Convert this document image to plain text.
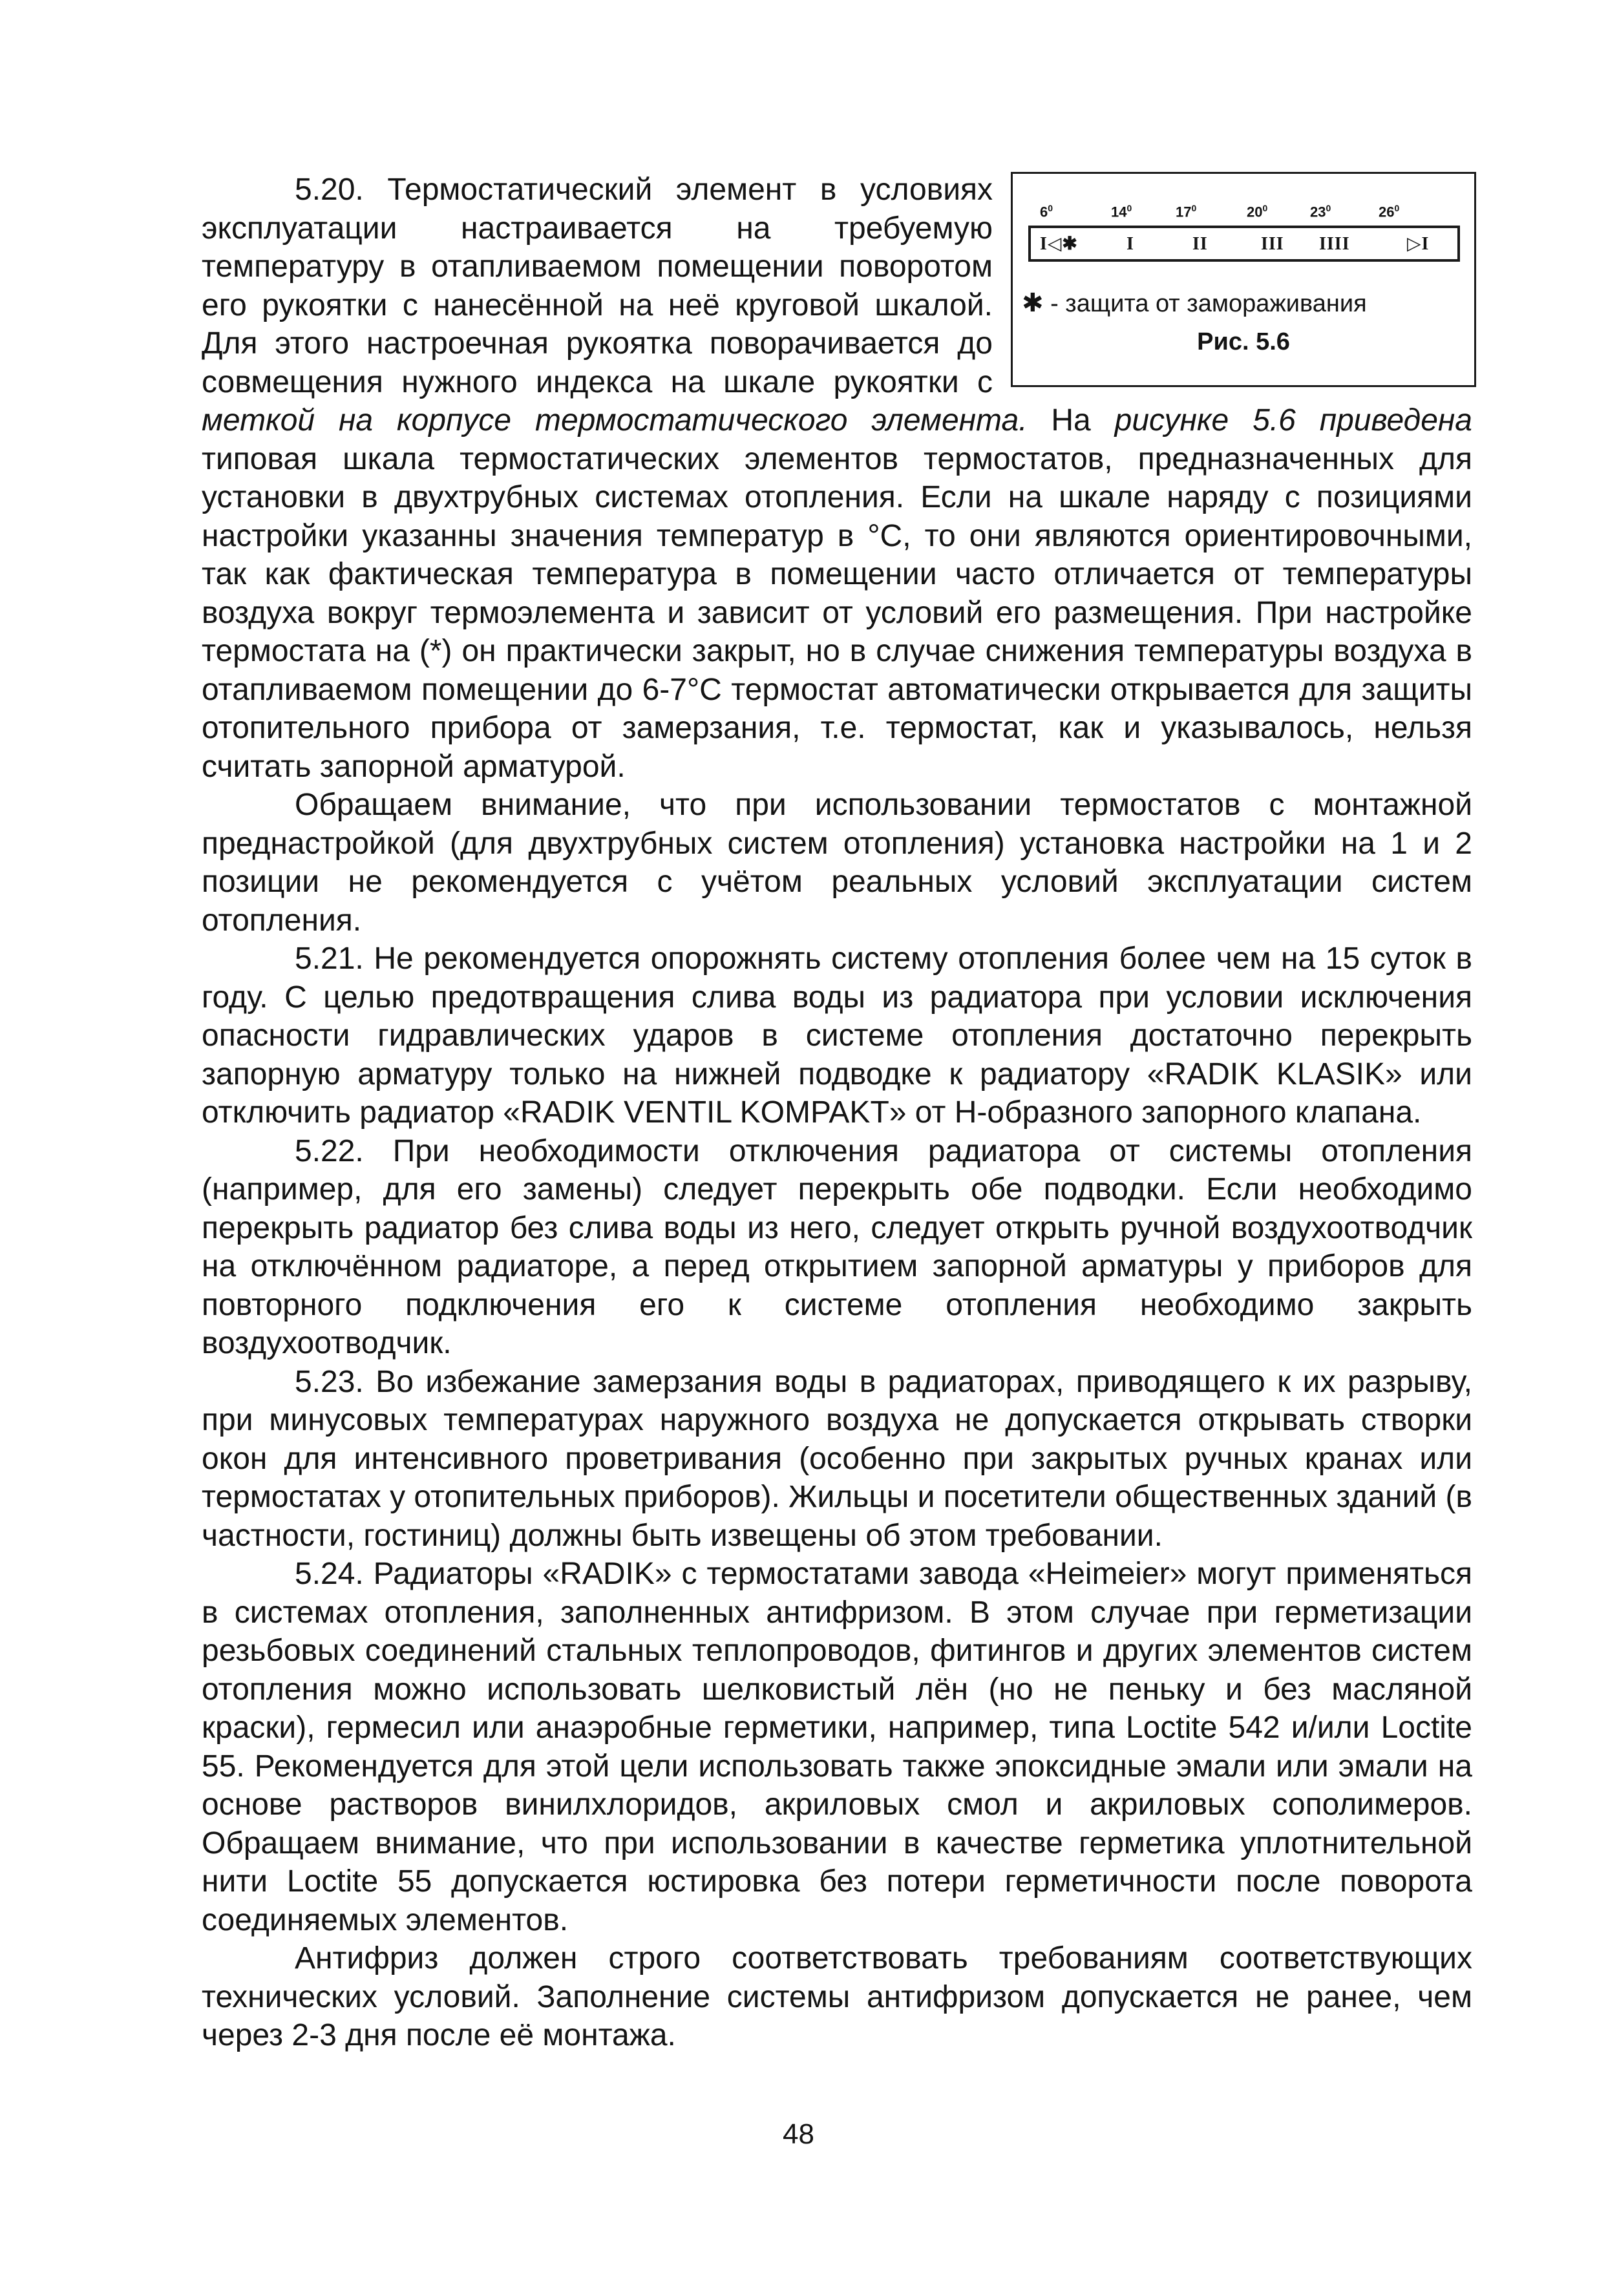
$6^0$	$14^0$	$17^0$	$20^0$	$23^0$	$26^0$
I◁✱	I	II	III IIII	▷I
✱ - защита от замораживания
Рис. 5.6
5.20. Термостатический элемент в условиях эксплуатации настраивается на требуемую температуру в отапливаемом помещении поворотом его рукоятки с нанесённой на неё круговой шкалой. Для этого настроечная рукоятка поворачивается до совмещения нужного индекса на шкале рукоятки с меткой на корпусе термостатического элемента. На рисунке 5.6 приведена типовая шкала термостатических элементов термостатов, предназначенных для установки в двухтрубных системах отопления. Если на шкале наряду с позициями настройки указанны значения температур в °С, то они являются ориентировочными, так как фактическая температура в помещении часто отличается от температуры воздуха вокруг термоэлемента и зависит от условий его размещения. При настройке термостата на (*) он практически закрыт, но в случае снижения температуры воздуха в отапливаемом помещении до 6-7°С термостат автоматически открывается для защиты отопительного прибора от замерзания, т.е. термостат, как и указывалось, нельзя считать запорной арматурой.

Обращаем внимание, что при использовании термостатов с монтажной преднастройкой (для двухтрубных систем отопления) установка настройки на 1 и 2 позиции не рекомендуется с учётом реальных условий эксплуатации систем отопления.

5.21. Не рекомендуется опорожнять систему отопления более чем на 15 суток в году. С целью предотвращения слива воды из радиатора при условии исключения опасности гидравлических ударов в системе отопления достаточно перекрыть запорную арматуру только на нижней подводке к радиатору «RADIK KLASIK» или отключить радиатор «RADIK VENTIL KOMPAKT» от Н-образного запорного клапана.

5.22. При необходимости отключения радиатора от системы отопления (например, для его замены) следует перекрыть обе подводки. Если необходимо перекрыть радиатор без слива воды из него, следует открыть ручной воздухоотводчик на отключённом радиаторе, а перед открытием запорной арматуры у приборов для повторного подключения его к системе отопления необходимо закрыть воздухоотводчик.

5.23. Во избежание замерзания воды в радиаторах, приводящего к их разрыву, при минусовых температурах наружного воздуха не допускается открывать створки окон для интенсивного проветривания (особенно при закрытых ручных кранах или термостатах у отопительных приборов). Жильцы и посетители общественных зданий (в частности, гостиниц) должны быть извещены об этом требовании.

5.24. Радиаторы «RADIK» с термостатами завода «Heimeier» могут применяться в системах отопления, заполненных антифризом. В этом случае при герметизации резьбовых соединений стальных теплопроводов, фитингов и других элементов систем отопления можно использовать шелковистый лён (но не пеньку и без масляной краски), гермесил или анаэробные герметики, например, типа Loctite 542 и/или Loctite 55. Рекомендуется для этой цели использовать также эпоксидные эмали или эмали на основе растворов винилхлоридов, акриловых смол и акриловых сополимеров. Обращаем внимание, что при использовании в качестве герметика уплотнительной нити Loctite 55 допускается юстировка без потери герметичности после поворота соединяемых элементов.

Антифриз должен строго соответствовать требованиям соответствующих технических условий. Заполнение системы антифризом допускается не ранее, чем через 2-3 дня после её монтажа.

48
